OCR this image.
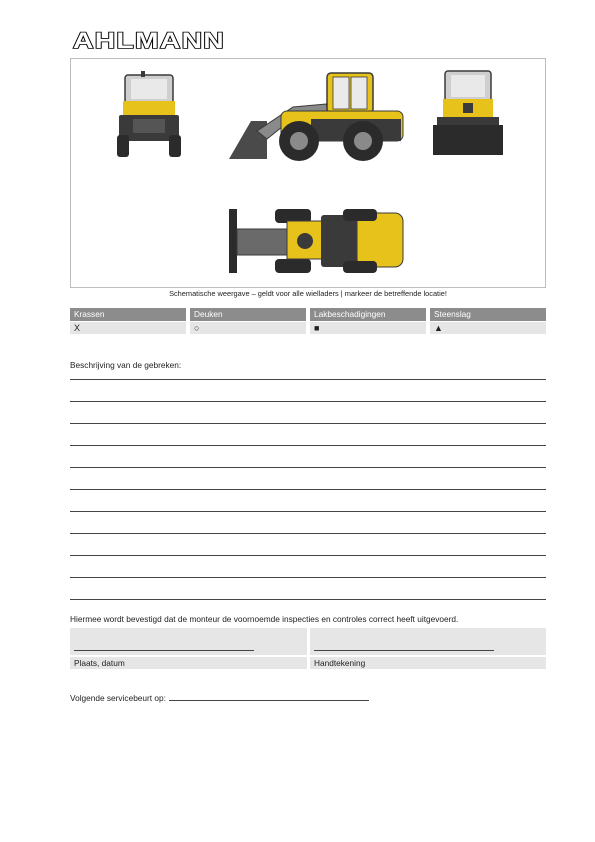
AHLMANN
Schematische weergave – geldt voor alle wielladers | markeer de betreffende locatie!
Krassen	Deuken	Lakbeschadigingen	Steenslag
X	○	■	▲
Beschrijving van de gebreken:
Hiermee wordt bevestigd dat de monteur de voornoemde inspecties en controles correct heeft uitgevoerd.
Plaats, datum	Handtekening
Volgende servicebeurt op:
